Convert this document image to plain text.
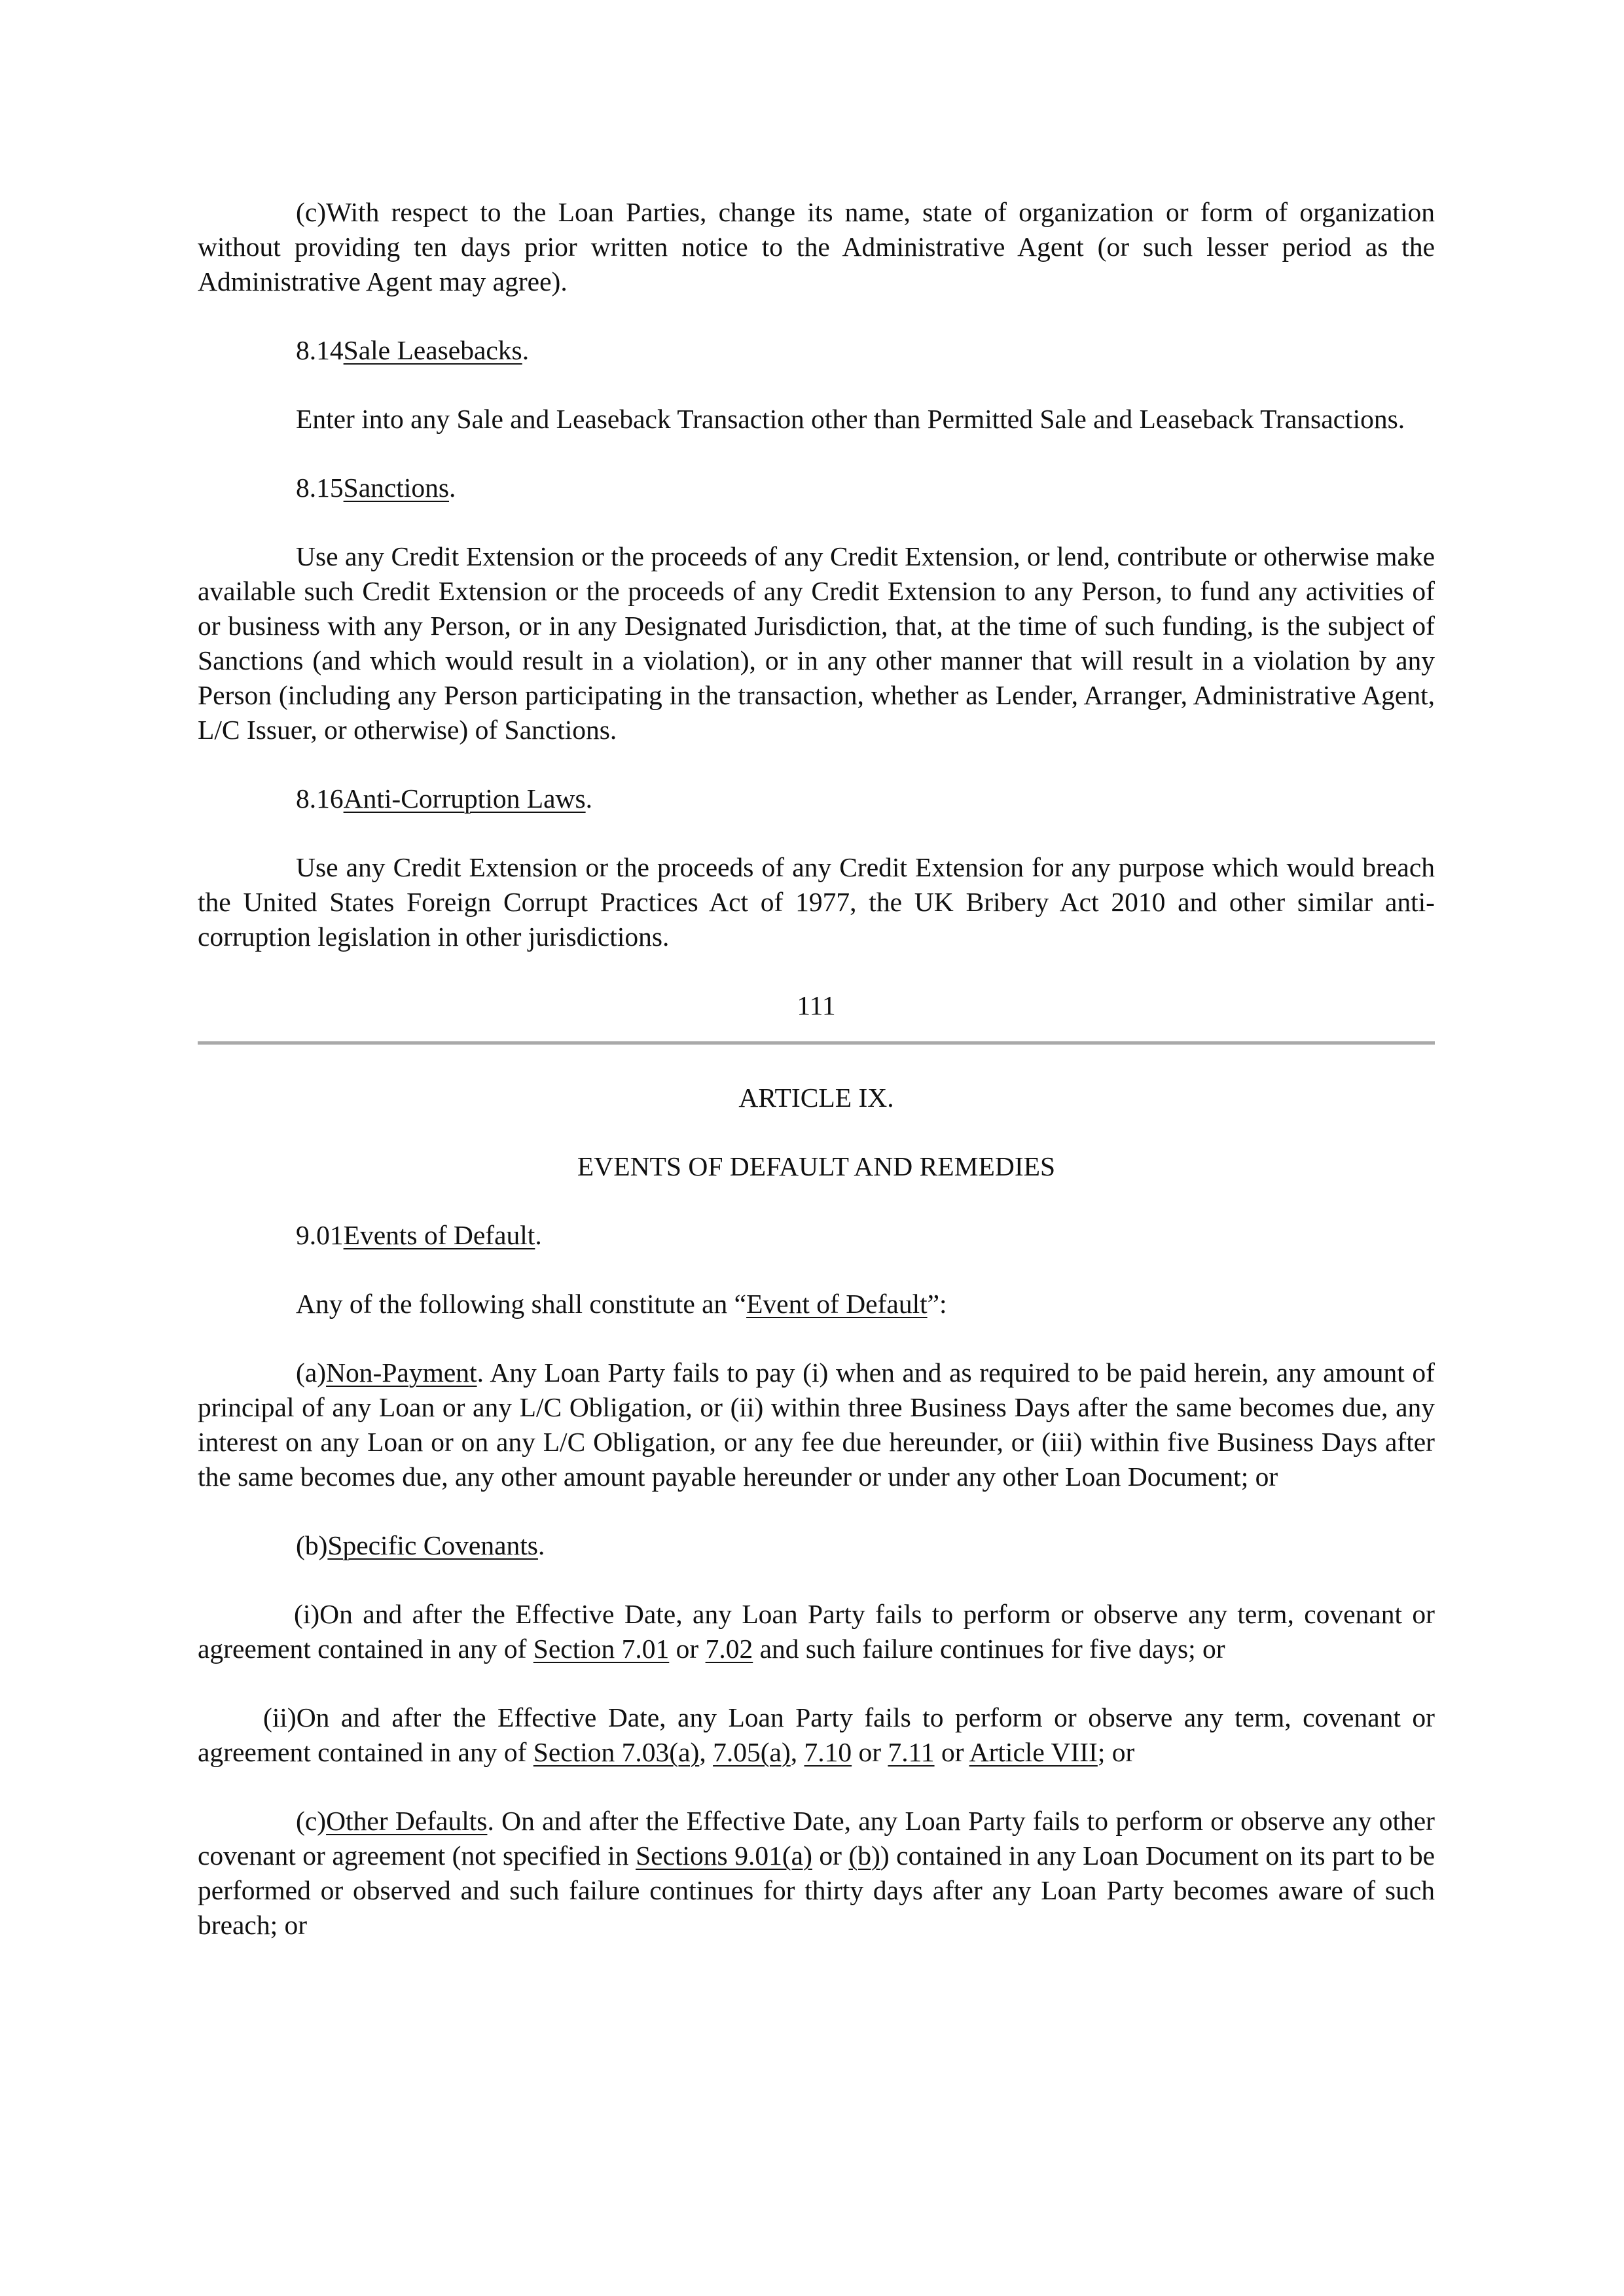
(c)With respect to the Loan Parties, change its name, state of organization or form of organization without providing ten days prior written notice to the Administrative Agent (or such lesser period as the Administrative Agent may agree).

8.14Sale Leasebacks.

Enter into any Sale and Leaseback Transaction other than Permitted Sale and Leaseback Transactions.

8.15Sanctions.

Use any Credit Extension or the proceeds of any Credit Extension, or lend, contribute or otherwise make available such Credit Extension or the proceeds of any Credit Extension to any Person, to fund any activities of or business with any Person, or in any Designated Jurisdiction, that, at the time of such funding, is the subject of Sanctions (and which would result in a violation), or in any other manner that will result in a violation by any Person (including any Person participating in the transaction, whether as Lender, Arranger, Administrative Agent, L/C Issuer, or otherwise) of Sanctions.

8.16Anti-Corruption Laws.

Use any Credit Extension or the proceeds of any Credit Extension for any purpose which would breach the United States Foreign Corrupt Practices Act of 1977, the UK Bribery Act 2010 and other similar anti-corruption legislation in other jurisdictions.

111

ARTICLE IX.

EVENTS OF DEFAULT AND REMEDIES

9.01Events of Default.

Any of the following shall constitute an “Event of Default”:

(a)Non-Payment. Any Loan Party fails to pay (i) when and as required to be paid herein, any amount of principal of any Loan or any L/C Obligation, or (ii) within three Business Days after the same becomes due, any interest on any Loan or on any L/C Obligation, or any fee due hereunder, or (iii) within five Business Days after the same becomes due, any other amount payable hereunder or under any other Loan Document; or

(b)Specific Covenants.

(i)On and after the Effective Date, any Loan Party fails to perform or observe any term, covenant or agreement contained in any of Section 7.01 or 7.02 and such failure continues for five days; or

(ii)On and after the Effective Date, any Loan Party fails to perform or observe any term, covenant or agreement contained in any of Section 7.03(a), 7.05(a), 7.10 or 7.11 or Article VIII; or

(c)Other Defaults. On and after the Effective Date, any Loan Party fails to perform or observe any other covenant or agreement (not specified in Sections 9.01(a) or (b)) contained in any Loan Document on its part to be performed or observed and such failure continues for thirty days after any Loan Party becomes aware of such breach; or
